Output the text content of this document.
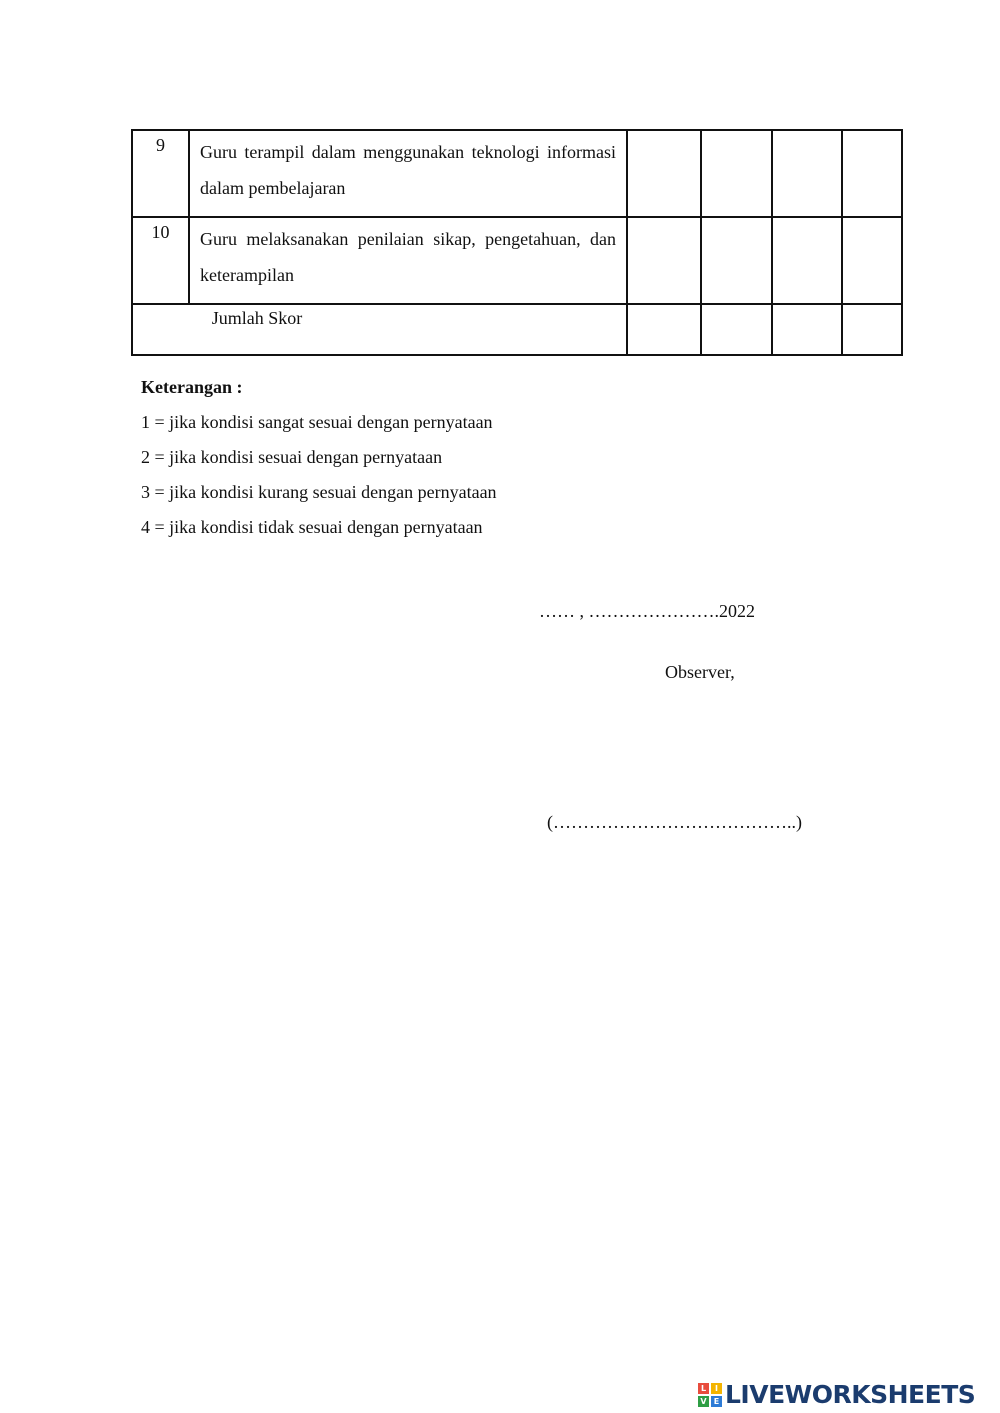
9	Guru terampil dalam menggunakan teknologi informasi dalam pembelajaran				
10	Guru melaksanakan penilaian sikap, pengetahuan, dan keterampilan				
Jumlah Skor					
Keterangan :
1 = jika kondisi sangat sesuai dengan pernyataan
2 = jika kondisi sesuai dengan pernyataan
3 = jika kondisi kurang sesuai dengan pernyataan
4 = jika kondisi tidak sesuai dengan pernyataan
…… , ………………….2022
Observer,
(…………………………………..)
L	I
V E LIVEWORKSHEETS
